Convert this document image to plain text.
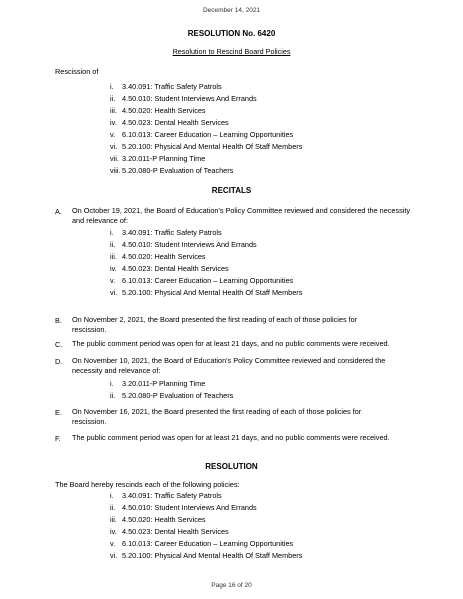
December 14, 2021
RESOLUTION No. 6420
Resolution to Rescind Board Policies
Rescission of
i. 3.40.091: Traffic Safety Patrols
ii. 4.50.010: Student Interviews And Errands
iii. 4.50.020: Health Services
iv. 4.50.023: Dental Health Services
v. 6.10.013: Career Education – Learning Opportunities
vi. 5.20.100: Physical And Mental Health Of Staff Members
vii. 3.20.011-P Planning Time
viii. 5.20.080-P Evaluation of Teachers
RECITALS
A. On October 19, 2021, the Board of Education's Policy Committee reviewed and considered the necessity and relevance of:
i. 3.40.091: Traffic Safety Patrols
ii. 4.50.010: Student Interviews And Errands
iii. 4.50.020: Health Services
iv. 4.50.023: Dental Health Services
v. 6.10.013: Career Education – Learning Opportunities
vi. 5.20.100: Physical And Mental Health Of Staff Members
B. On November 2, 2021, the Board presented the first reading of each of those policies for rescission.
C. The public comment period was open for at least 21 days, and no public comments were received.
D. On November 10, 2021, the Board of Education's Policy Committee reviewed and considered the necessity and relevance of:
i. 3.20.011-P Planning Time
ii. 5.20.080-P Evaluation of Teachers
E. On November 16, 2021, the Board presented the first reading of each of those policies for rescission.
F. The public comment period was open for at least 21 days, and no public comments were received.
RESOLUTION
The Board hereby rescinds each of the following policies:
i. 3.40.091: Traffic Safety Patrols
ii. 4.50.010: Student Interviews And Errands
iii. 4.50.020: Health Services
iv. 4.50.023: Dental Health Services
v. 6.10.013: Career Education – Learning Opportunities
vi. 5.20.100: Physical And Mental Health Of Staff Members
Page 16 of 20
